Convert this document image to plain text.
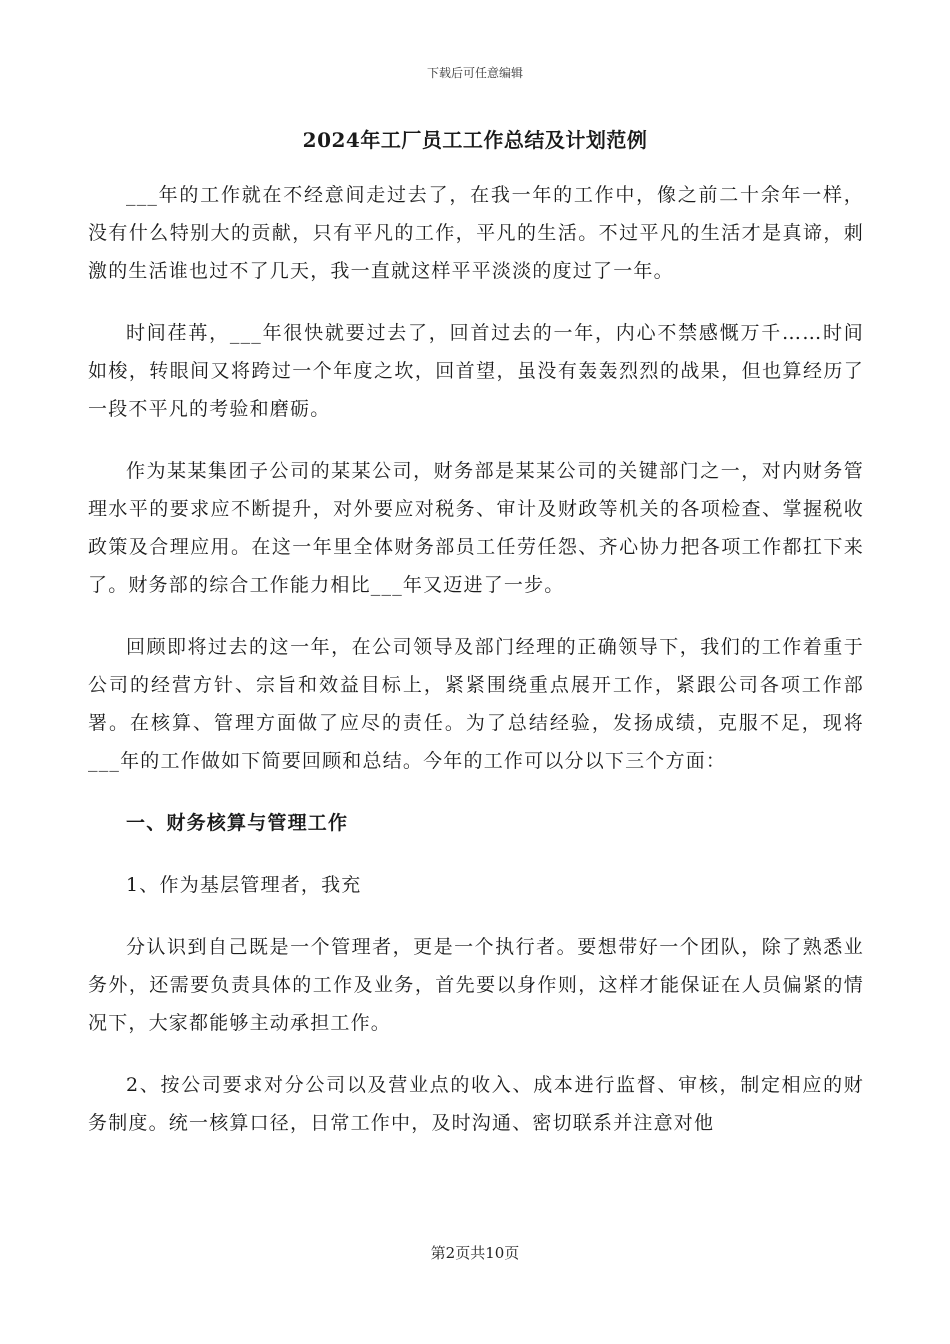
下载后可任意编辑
2024年工厂员工工作总结及计划范例

___年的工作就在不经意间走过去了，在我一年的工作中，像之前二十余年一样，没有什么特别大的贡献，只有平凡的工作，平凡的生活。不过平凡的生活才是真谛，刺激的生活谁也过不了几天，我一直就这样平平淡淡的度过了一年。

时间荏苒，___年很快就要过去了，回首过去的一年，内心不禁感慨万千……时间如梭，转眼间又将跨过一个年度之坎，回首望，虽没有轰轰烈烈的战果，但也算经历了一段不平凡的考验和磨砺。

作为某某集团子公司的某某公司，财务部是某某公司的关键部门之一，对内财务管理水平的要求应不断提升，对外要应对税务、审计及财政等机关的各项检查、掌握税收政策及合理应用。在这一年里全体财务部员工任劳任怨、齐心协力把各项工作都扛下来了。财务部的综合工作能力相比___年又迈进了一步。

回顾即将过去的这一年，在公司领导及部门经理的正确领导下，我们的工作着重于公司的经营方针、宗旨和效益目标上，紧紧围绕重点展开工作，紧跟公司各项工作部署。在核算、管理方面做了应尽的责任。为了总结经验，发扬成绩，克服不足，现将___年的工作做如下简要回顾和总结。今年的工作可以分以下三个方面：

一、财务核算与管理工作

1、作为基层管理者，我充

分认识到自己既是一个管理者，更是一个执行者。要想带好一个团队，除了熟悉业务外，还需要负责具体的工作及业务，首先要以身作则，这样才能保证在人员偏紧的情况下，大家都能够主动承担工作。

2、按公司要求对分公司以及营业点的收入、成本进行监督、审核，制定相应的财务制度。统一核算口径，日常工作中，及时沟通、密切联系并注意对他

第2页共10页
